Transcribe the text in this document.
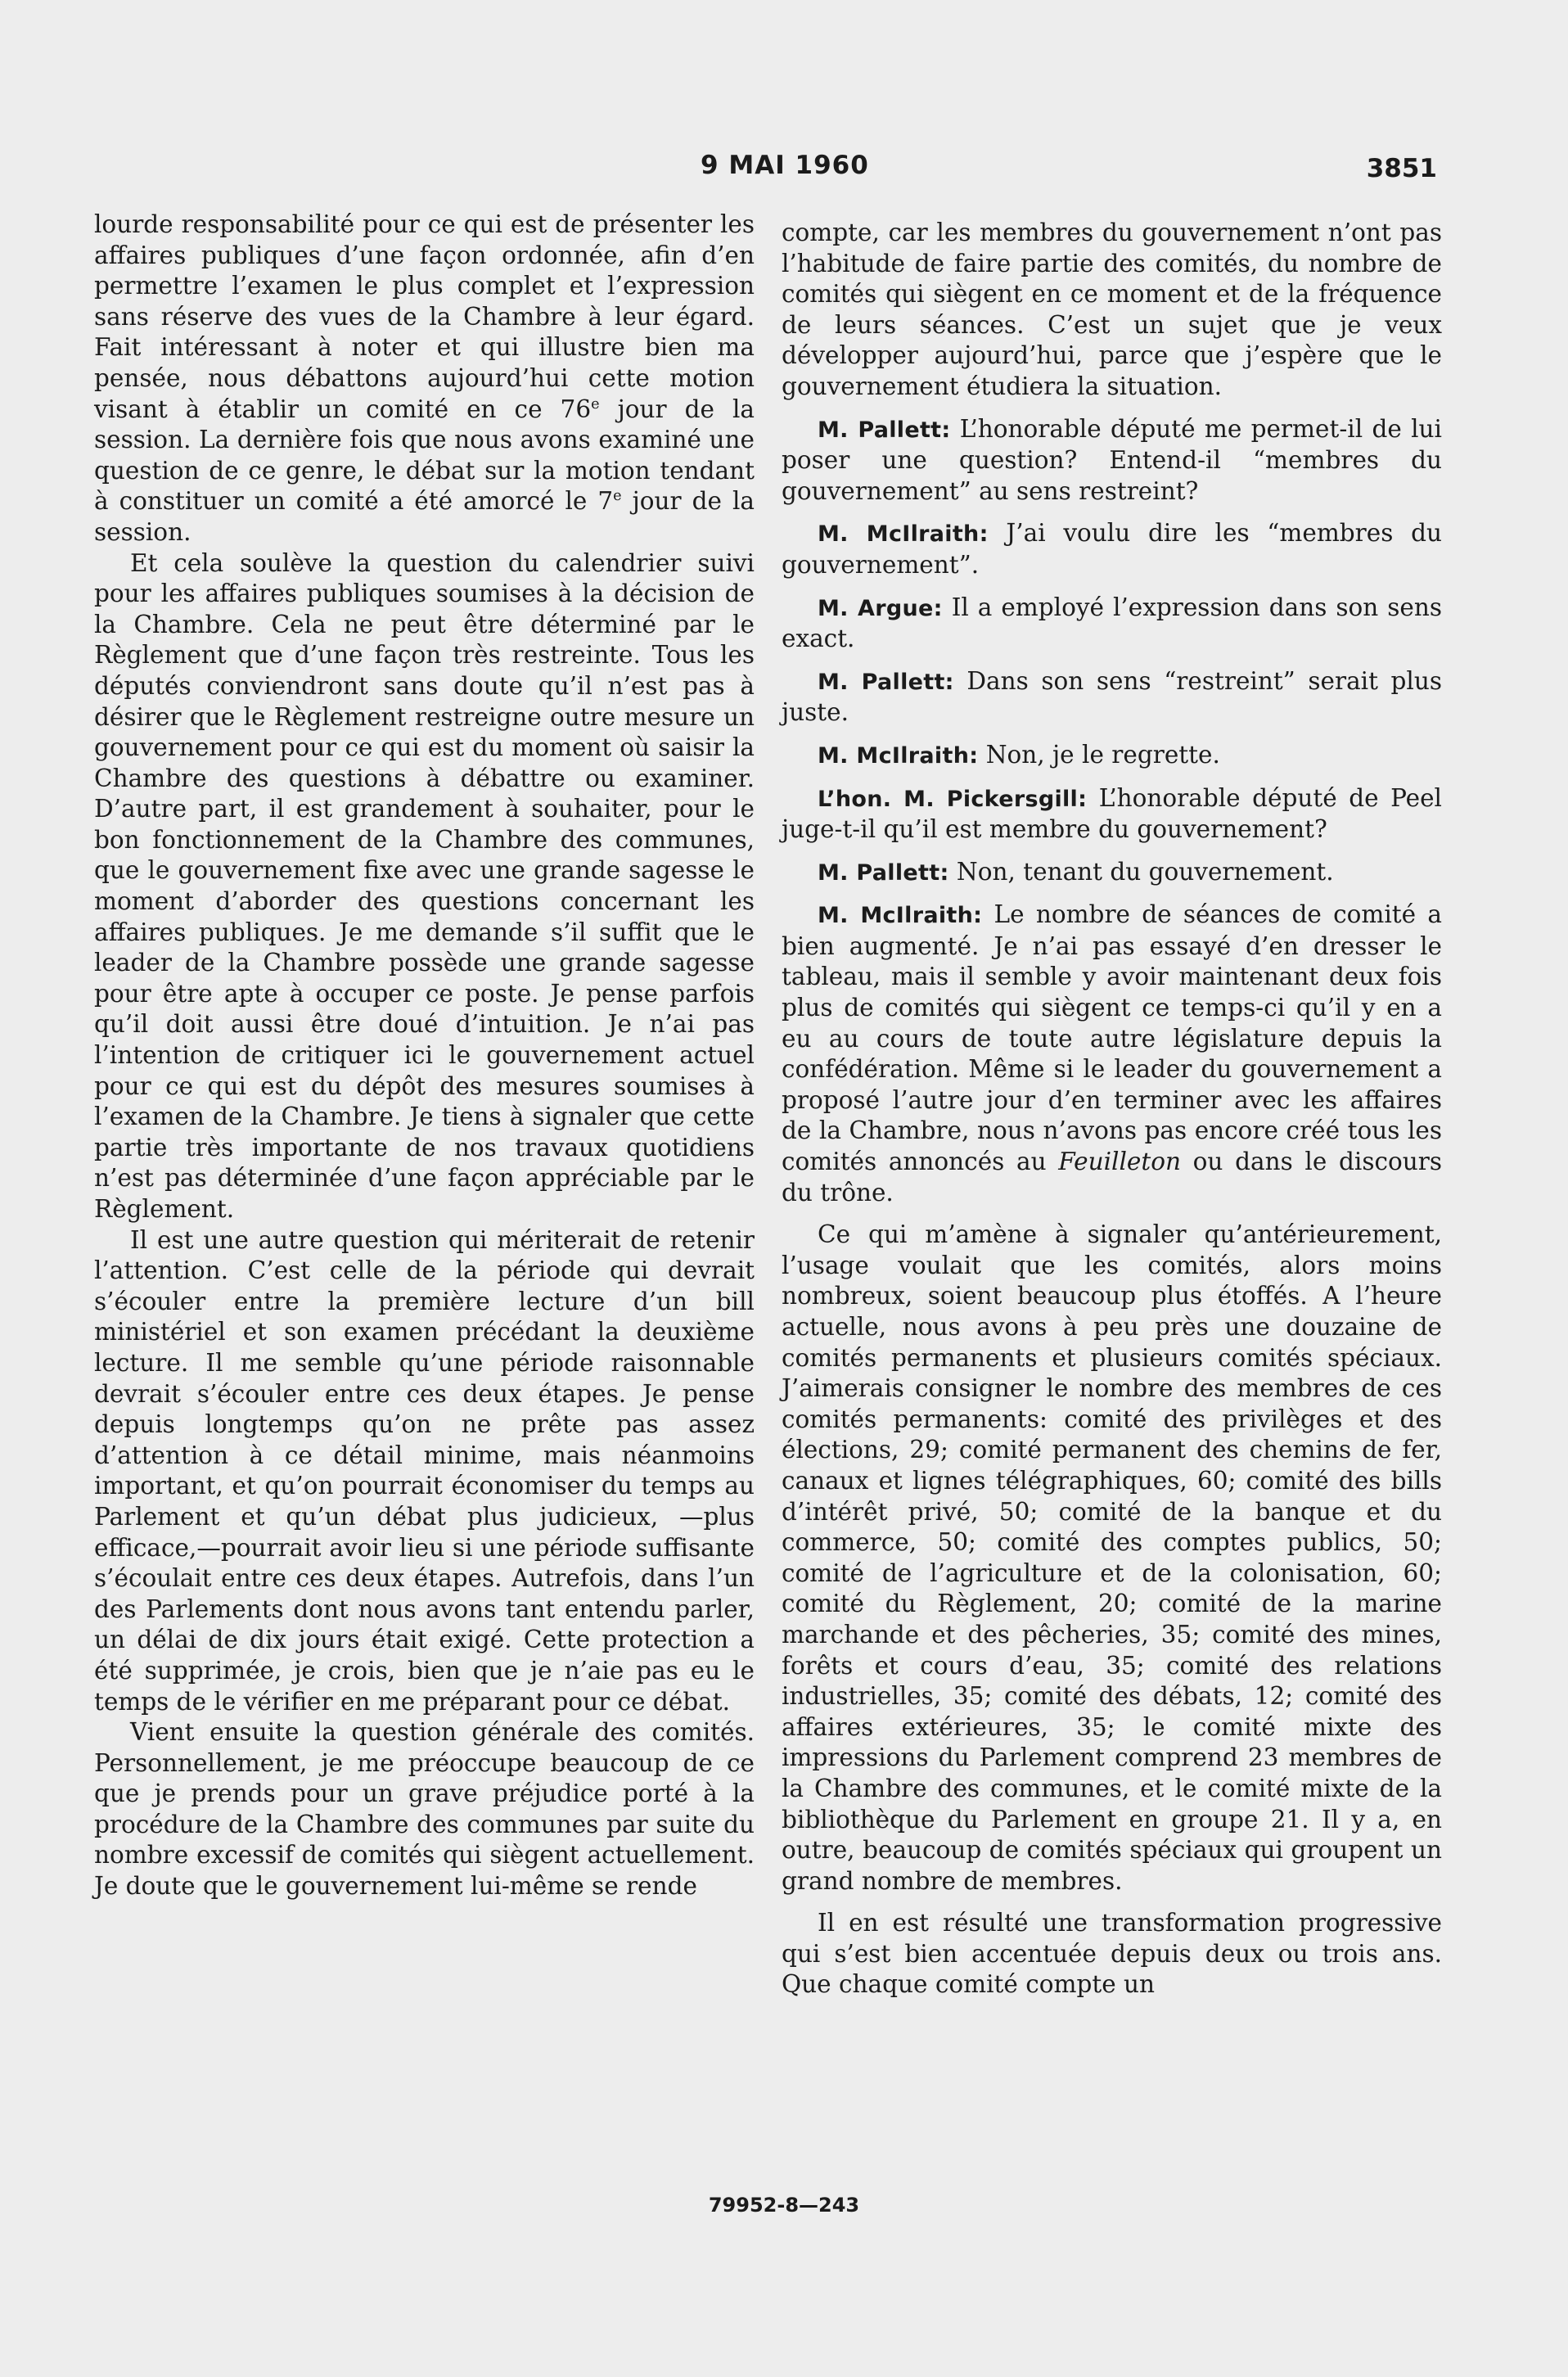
9 MAI 1960	3851

lourde responsabilité pour ce qui est de présenter les affaires publiques d’une façon ordonnée, afin d’en permettre l’examen le plus complet et l’expression sans réserve des vues de la Chambre à leur égard. Fait intéressant à noter et qui illustre bien ma pensée, nous débattons aujourd’hui cette motion visant à établir un comité en ce 76e jour de la session. La dernière fois que nous avons examiné une question de ce genre, le débat sur la motion tendant à constituer un comité a été amorcé le 7e jour de la session.

Et cela soulève la question du calendrier suivi pour les affaires publiques soumises à la décision de la Chambre. Cela ne peut être déterminé par le Règlement que d’une façon très restreinte. Tous les députés conviendront sans doute qu’il n’est pas à désirer que le Règlement restreigne outre mesure un gouvernement pour ce qui est du moment où saisir la Chambre des questions à débattre ou examiner. D’autre part, il est grandement à souhaiter, pour le bon fonctionnement de la Chambre des communes, que le gouvernement fixe avec une grande sagesse le moment d’aborder des questions concernant les affaires publiques. Je me demande s’il suffit que le leader de la Chambre possède une grande sagesse pour être apte à occuper ce poste. Je pense parfois qu’il doit aussi être doué d’intuition. Je n’ai pas l’intention de critiquer ici le gouvernement actuel pour ce qui est du dépôt des mesures soumises à l’examen de la Chambre. Je tiens à signaler que cette partie très importante de nos travaux quotidiens n’est pas déterminée d’une façon appréciable par le Règlement.

Il est une autre question qui mériterait de retenir l’attention. C’est celle de la période qui devrait s’écouler entre la première lecture d’un bill ministériel et son examen précédant la deuxième lecture. Il me semble qu’une période raisonnable devrait s’écouler entre ces deux étapes. Je pense depuis longtemps qu’on ne prête pas assez d’attention à ce détail minime, mais néanmoins important, et qu’on pourrait économiser du temps au Parlement et qu’un débat plus judicieux, —plus efficace,—pourrait avoir lieu si une période suffisante s’écoulait entre ces deux étapes. Autrefois, dans l’un des Parlements dont nous avons tant entendu parler, un délai de dix jours était exigé. Cette protection a été supprimée, je crois, bien que je n’aie pas eu le temps de le vérifier en me préparant pour ce débat.

Vient ensuite la question générale des comités. Personnellement, je me préoccupe beaucoup de ce que je prends pour un grave préjudice porté à la procédure de la Chambre des communes par suite du nombre excessif de comités qui siègent actuellement. Je doute que le gouvernement lui-même se rende

compte, car les membres du gouvernement n’ont pas l’habitude de faire partie des comités, du nombre de comités qui siègent en ce moment et de la fréquence de leurs séances. C’est un sujet que je veux développer aujourd’hui, parce que j’espère que le gouvernement étudiera la situation.

M. Pallett: L’honorable député me permet-il de lui poser une question? Entend-il “membres du gouvernement” au sens restreint?

M. McIlraith: J’ai voulu dire les “membres du gouvernement”.

M. Argue: Il a employé l’expression dans son sens exact.

M. Pallett: Dans son sens “restreint” serait plus juste.

M. McIlraith: Non, je le regrette.

L’hon. M. Pickersgill: L’honorable député de Peel juge-t-il qu’il est membre du gouvernement?

M. Pallett: Non, tenant du gouvernement.

M. McIlraith: Le nombre de séances de comité a bien augmenté. Je n’ai pas essayé d’en dresser le tableau, mais il semble y avoir maintenant deux fois plus de comités qui siègent ce temps-ci qu’il y en a eu au cours de toute autre législature depuis la confédération. Même si le leader du gouvernement a proposé l’autre jour d’en terminer avec les affaires de la Chambre, nous n’avons pas encore créé tous les comités annoncés au Feuilleton ou dans le discours du trône.

Ce qui m’amène à signaler qu’antérieurement, l’usage voulait que les comités, alors moins nombreux, soient beaucoup plus étoffés. A l’heure actuelle, nous avons à peu près une douzaine de comités permanents et plusieurs comités spéciaux. J’aimerais consigner le nombre des membres de ces comités permanents: comité des privilèges et des élections, 29; comité permanent des chemins de fer, canaux et lignes télégraphiques, 60; comité des bills d’intérêt privé, 50; comité de la banque et du commerce, 50; comité des comptes publics, 50; comité de l’agriculture et de la colonisation, 60; comité du Règlement, 20; comité de la marine marchande et des pêcheries, 35; comité des mines, forêts et cours d’eau, 35; comité des relations industrielles, 35; comité des débats, 12; comité des affaires extérieures, 35; le comité mixte des impressions du Parlement comprend 23 membres de la Chambre des communes, et le comité mixte de la bibliothèque du Parlement en groupe 21. Il y a, en outre, beaucoup de comités spéciaux qui groupent un grand nombre de membres.

Il en est résulté une transformation progressive qui s’est bien accentuée depuis deux ou trois ans. Que chaque comité compte un

79952-8—243
